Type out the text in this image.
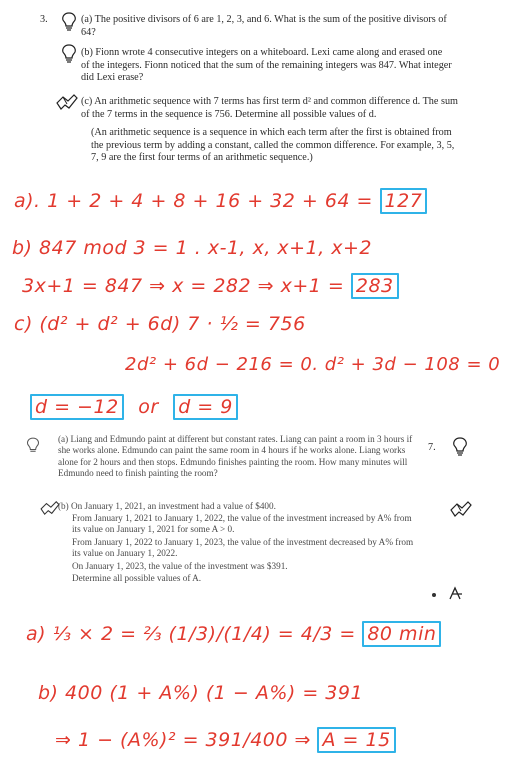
3.	(a) The positive divisors of 6 are 1, 2, 3, and 6. What is the sum of the positive divisors of 64?
(b) Fionn wrote 4 consecutive integers on a whiteboard. Lexi came along and erased one of the integers. Fionn noticed that the sum of the remaining integers was 847. What integer did Lexi erase?
(c) An arithmetic sequence with 7 terms has first term d² and common difference d. The sum of the 7 terms in the sequence is 756. Determine all possible values of d.
(An arithmetic sequence is a sequence in which each term after the first is obtained from the previous term by adding a constant, called the common difference. For example, 3, 5, 7, 9 are the first four terms of an arithmetic sequence.)
a). 1 + 2 + 4 + 8 + 16 + 32 + 64 = 127
b) 847 mod 3 = 1 . x-1, x, x+1, x+2
3x+1 = 847 ⇒ x = 282 ⇒ x+1 = 283
c) (d² + d² + 6d) 7 · ½ = 756
2d² + 6d − 216 = 0. d² + 3d − 108 = 0
d = −12 or d = 9
(a) Liang and Edmundo paint at different but constant rates. Liang can paint a room in 3 hours if she works alone. Edmundo can paint the same room in 4 hours if he works alone. Liang works alone for 2 hours and then stops. Edmundo finishes painting the room. How many minutes will Edmundo need to finish painting the room?
7.
(b) On January 1, 2021, an investment had a value of $400.
From January 1, 2021 to January 1, 2022, the value of the investment increased by A% from its value on January 1, 2021 for some A > 0.
From January 1, 2022 to January 1, 2023, the value of the investment decreased by A% from its value on January 1, 2022.
On January 1, 2023, the value of the investment was $391.
Determine all possible values of A.
a) ⅓ × 2 = ⅔ (1/3)/(1/4) = 4/3 = 80 min
b) 400 (1 + A%) (1 − A%) = 391
⇒ 1 − (A%)² = 391/400 ⇒ A = 15
